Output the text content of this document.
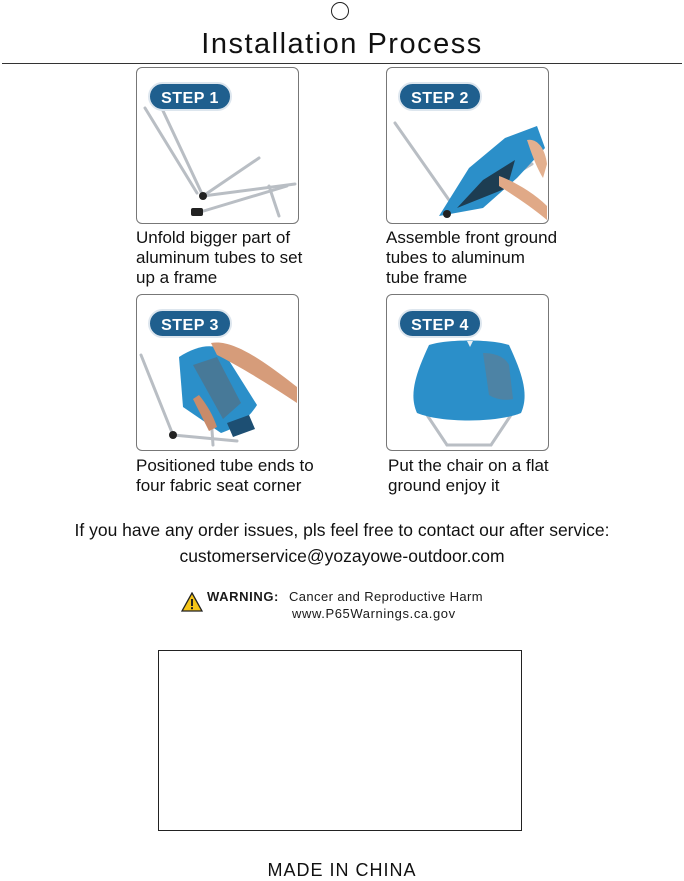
Installation Process
STEP 1
Unfold bigger part of
aluminum tubes to set
up a frame
STEP 2
Assemble front ground
tubes to aluminum
tube frame
STEP 3
Positioned tube ends to
four fabric seat corner
STEP 4
Put the chair on a flat
ground enjoy it
If you have any order issues, pls feel free to contact our after service:
customerservice@yozayowe-outdoor.com
WARNING: Cancer and Reproductive Harm
www.P65Warnings.ca.gov
MADE IN CHINA
